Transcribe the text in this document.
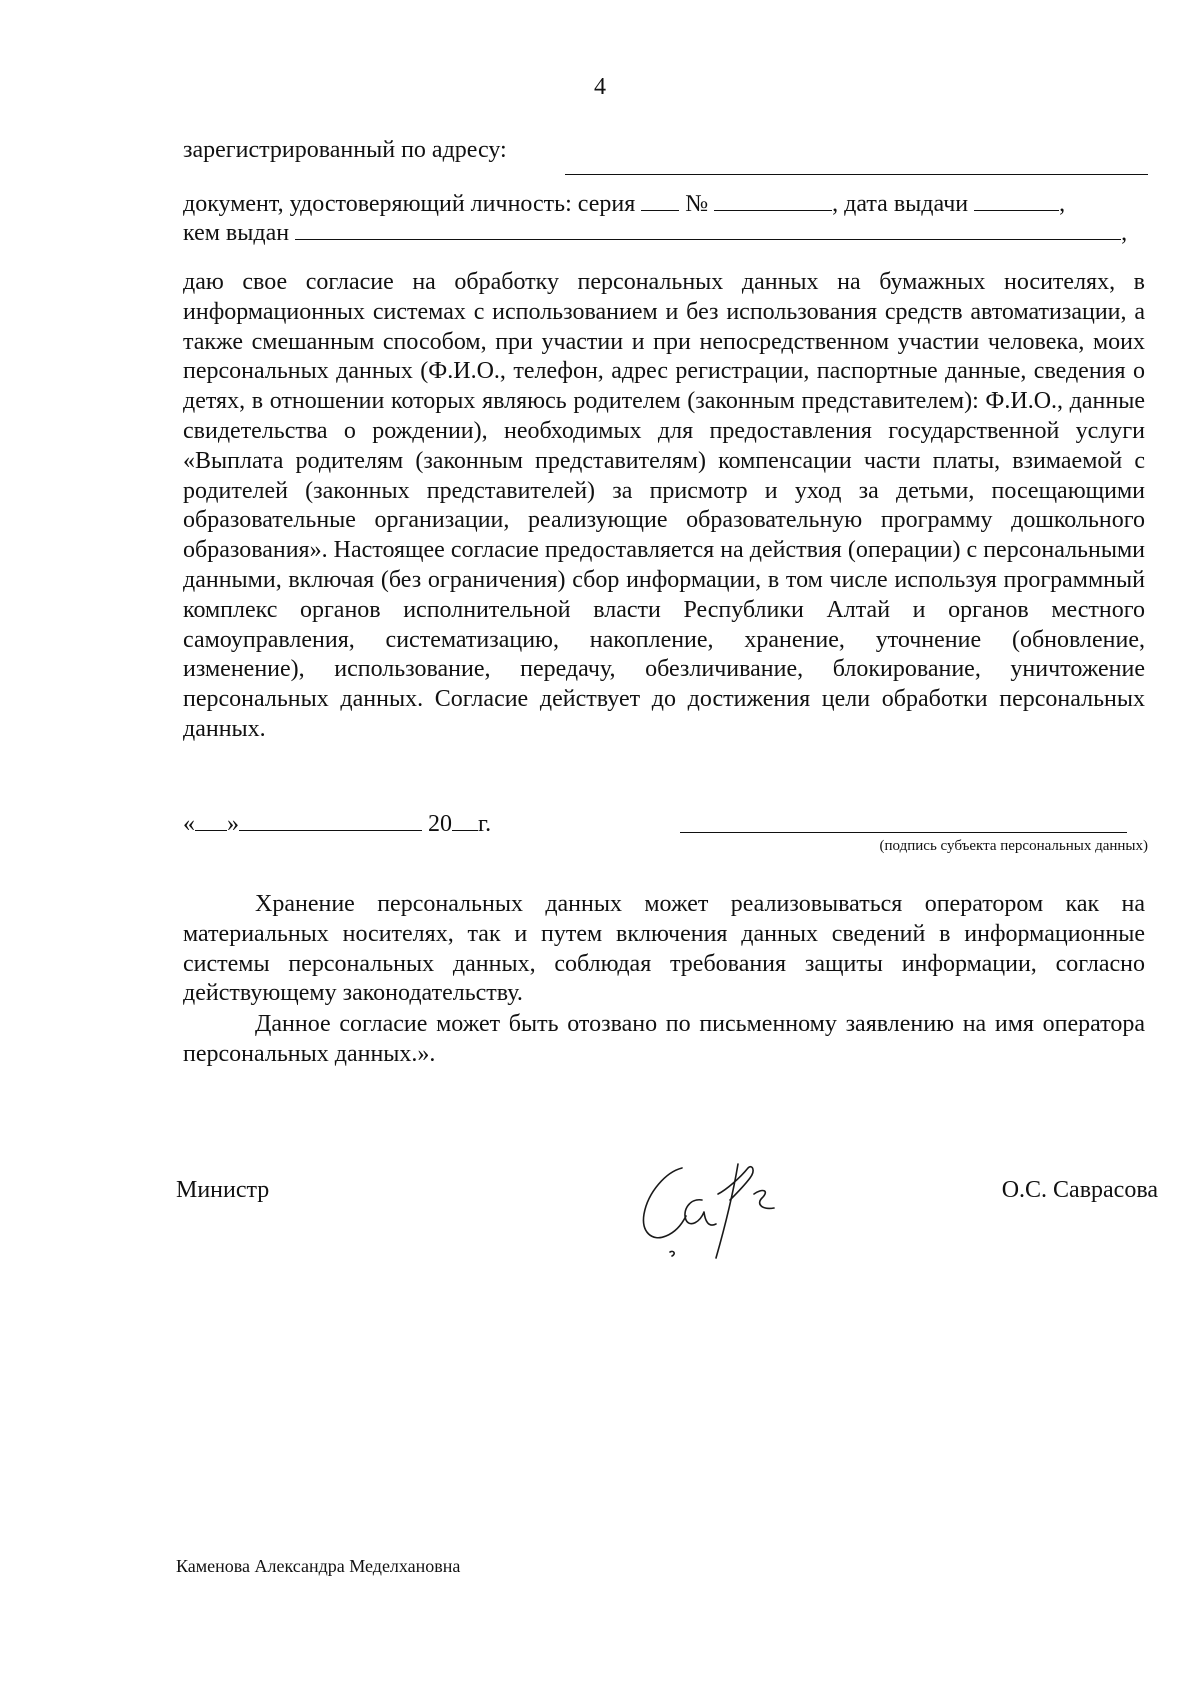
4
зарегистрированный по адресу:
документ, удостоверяющий личность: серия №	, дата выдачи	,
кем выдан	,
даю свое согласие на обработку персональных данных на бумажных носителях, в информационных системах с использованием и без использования средств автоматизации, а также смешанным способом, при участии и при непосредственном участии человека, моих персональных данных (Ф.И.О., телефон, адрес регистрации, паспортные данные, сведения о детях, в отношении которых являюсь родителем (законным представителем): Ф.И.О., данные свидетельства о рождении), необходимых для предоставления государственной услуги «Выплата родителям (законным представителям) компенсации части платы, взимаемой с родителей (законных представителей) за присмотр и уход за детьми, посещающими образовательные организации, реализующие образовательную программу дошкольного образования». Настоящее согласие предоставляется на действия (операции) с персональными данными, включая (без ограничения) сбор информации, в том числе используя программный комплекс органов исполнительной власти Республики Алтай и органов местного самоуправления, систематизацию, накопление, хранение, уточнение (обновление, изменение), использование, передачу, обезличивание, блокирование, уничтожение персональных данных. Согласие действует до достижения цели обработки персональных данных.
« »	20 г.
(подпись субъекта персональных данных)
Хранение персональных данных может реализовываться оператором как на материальных носителях, так и путем включения данных сведений в информационные системы персональных данных, соблюдая требования защиты информации, согласно действующему законодательству.
Данное согласие может быть отозвано по письменному заявлению на имя оператора персональных данных.».
Министр	О.С. Саврасова
Каменова Александра Меделхановна
